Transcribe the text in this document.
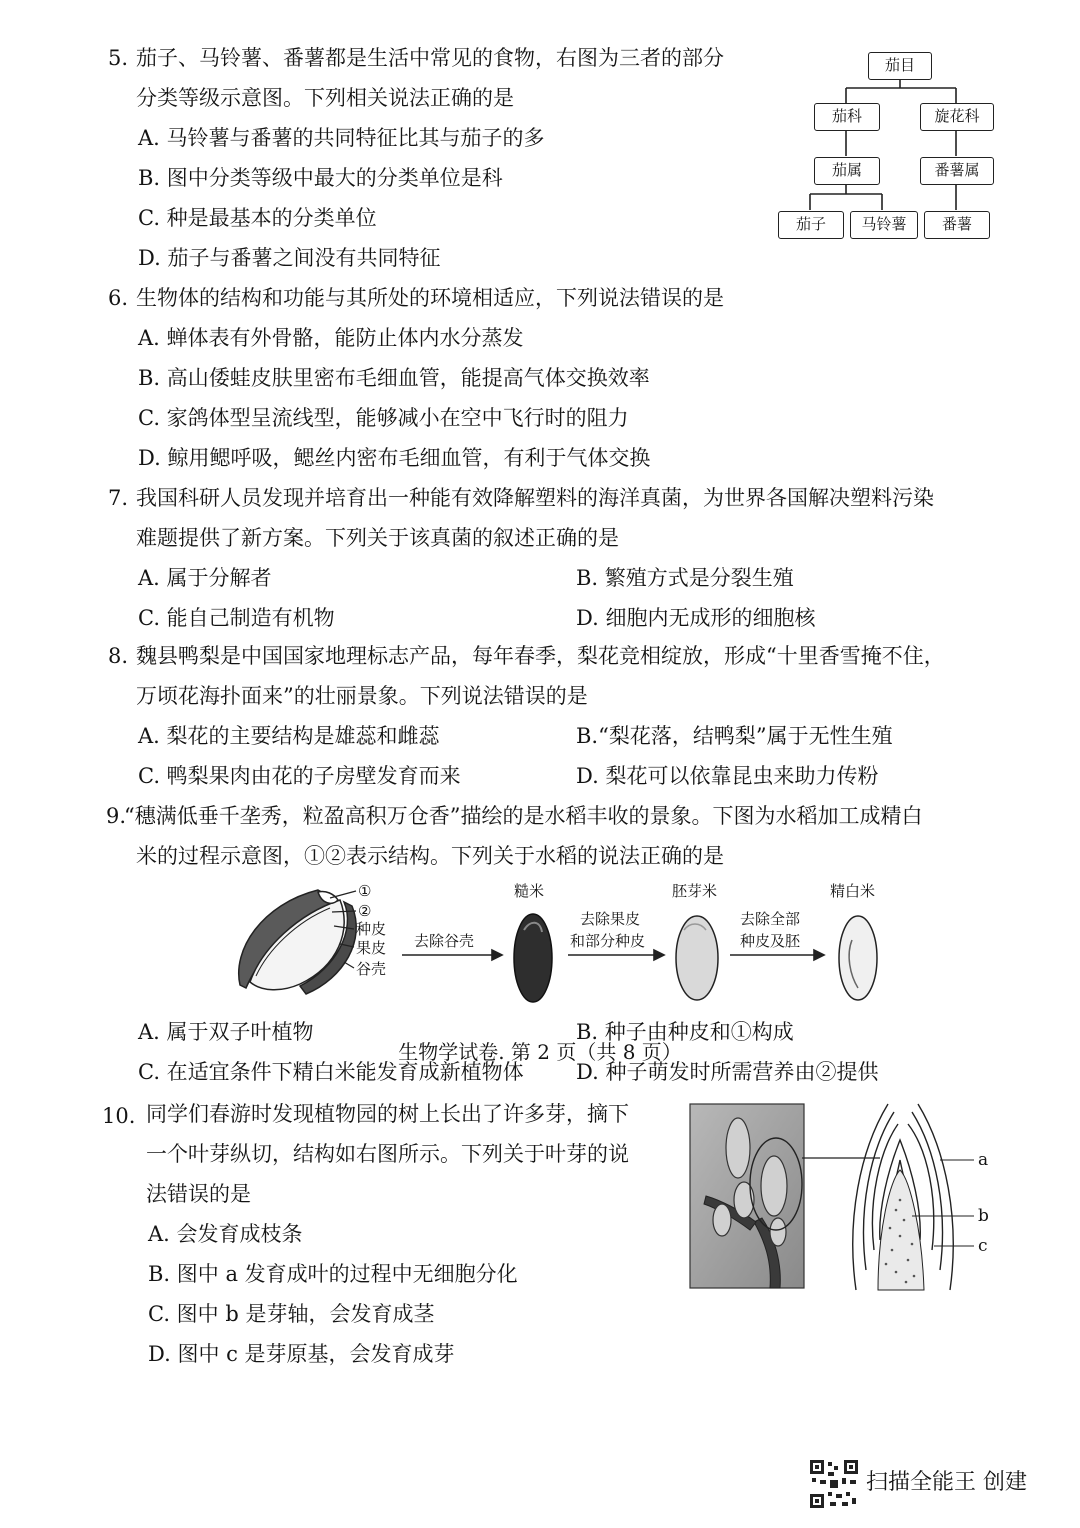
5. 茄子、马铃薯、番薯都是生活中常见的食物，右图为三者的部分
分类等级示意图。下列相关说法正确的是
A. 马铃薯与番薯的共同特征比其与茄子的多
B. 图中分类等级中最大的分类单位是科
C. 种是最基本的分类单位
D. 茄子与番薯之间没有共同特征
茄目
茄科	旋花科
茄属	番薯属
茄子	马铃薯	番薯
6. 生物体的结构和功能与其所处的环境相适应，下列说法错误的是
A. 蝉体表有外骨骼，能防止体内水分蒸发
B. 高山倭蛙皮肤里密布毛细血管，能提高气体交换效率
C. 家鸽体型呈流线型，能够减小在空中飞行时的阻力
D. 鲸用鳃呼吸，鳃丝内密布毛细血管，有利于气体交换
7. 我国科研人员发现并培育出一种能有效降解塑料的海洋真菌，为世界各国解决塑料污染
难题提供了新方案。下列关于该真菌的叙述正确的是
A. 属于分解者	B. 繁殖方式是分裂生殖
C. 能自己制造有机物	D. 细胞内无成形的细胞核
8. 魏县鸭梨是中国国家地理标志产品，每年春季，梨花竞相绽放，形成“十里香雪掩不住，
万顷花海扑面来”的壮丽景象。下列说法错误的是
A. 梨花的主要结构是雄蕊和雌蕊	B.“梨花落，结鸭梨”属于无性生殖
C. 鸭梨果肉由花的子房壁发育而来	D. 梨花可以依靠昆虫来助力传粉
9.
“穗满低垂千垄秀，粒盈高积万仓香”描绘的是水稻丰收的景象。下图为水稻加工成精白
米的过程示意图，①②表示结构。下列关于水稻的说法正确的是
①
②
种皮
果皮
谷壳
去除谷壳
去除果皮
和部分种皮
去除全部
种皮及胚
糙米	胚芽米	精白米
A. 属于双子叶植物	B. 种子由种皮和①构成
C. 在适宜条件下精白米能发育成新植物体 D. 种子萌发时所需营养由②提供
10. 同学们春游时发现植物园的树上长出了许多芽，摘下
一个叶芽纵切，结构如右图所示。下列关于叶芽的说
法错误的是
A. 会发育成枝条
B. 图中 a 发育成叶的过程中无细胞分化
C. 图中 b 是芽轴，会发育成茎
D. 图中 c 是芽原基，会发育成芽
a
b
c
生物学试卷. 第 2 页（共 8 页）
扫描全能王 创建
